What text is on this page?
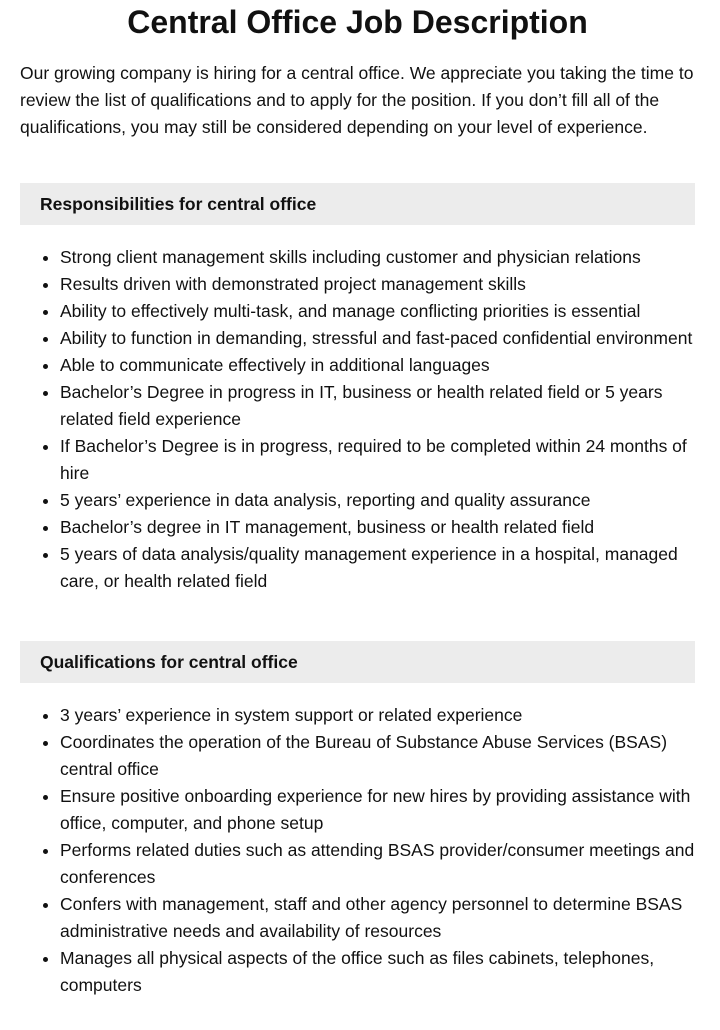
Central Office Job Description

Our growing company is hiring for a central office. We appreciate you taking the time to review the list of qualifications and to apply for the position. If you don’t fill all of the qualifications, you may still be considered depending on your level of experience.

Responsibilities for central office
• Strong client management skills including customer and physician relations
• Results driven with demonstrated project management skills
• Ability to effectively multi-task, and manage conflicting priorities is essential
• Ability to function in demanding, stressful and fast-paced confidential environment
• Able to communicate effectively in additional languages
• Bachelor’s Degree in progress in IT, business or health related field or 5 years related field experience
• If Bachelor’s Degree is in progress, required to be completed within 24 months of hire
• 5 years’ experience in data analysis, reporting and quality assurance
• Bachelor’s degree in IT management, business or health related field
• 5 years of data analysis/quality management experience in a hospital, managed care, or health related field
Qualifications for central office
• 3 years’ experience in system support or related experience
• Coordinates the operation of the Bureau of Substance Abuse Services (BSAS) central office
• Ensure positive onboarding experience for new hires by providing assistance with office, computer, and phone setup
• Performs related duties such as attending BSAS provider/consumer meetings and conferences
• Confers with management, staff and other agency personnel to determine BSAS administrative needs and availability of resources
• Manages all physical aspects of the office such as files cabinets, telephones, computers
